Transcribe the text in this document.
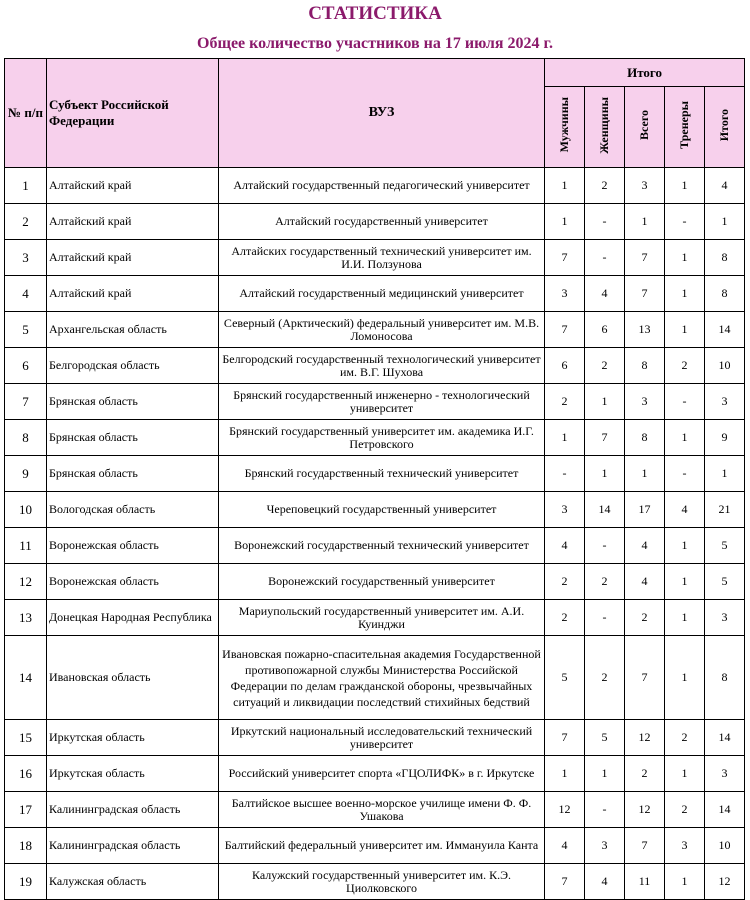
СТАТИСТИКА
Общее количество участников на 17 июля 2024 г.
№ п/п	Субъект Российской Федерации	ВУЗ	Итого				
			Мужчины	Женщины	Всего	Тренеры	Итого
1	Алтайский край	Алтайский государственный педагогический университет	1	2	3	1	4
2	Алтайский край	Алтайский государственный университет	1	-	1	-	1
3	Алтайский край	Алтайских государственный технический университет им. И.И. Ползунова	7	-	7	1	8
4	Алтайский край	Алтайский государственный медицинский университет	3	4	7	1	8
5	Архангельская область	Северный (Арктический) федеральный университет им. М.В. Ломоносова	7	6	13	1	14
6	Белгородская область	Белгородский государственный технологический университет им. В.Г. Шухова	6	2	8	2	10
7	Брянская область	Брянский государственный инженерно - технологический университет	2	1	3	-	3
8	Брянская область	Брянский государственный университет им. академика И.Г. Петровского	1	7	8	1	9
9	Брянская область	Брянский государственный технический университет	-	1	1	-	1
10	Вологодская область	Череповецкий государственный университет	3	14	17	4	21
11	Воронежская область	Воронежский государственный технический университет	4	-	4	1	5
12	Воронежская область	Воронежский государственный университет	2	2	4	1	5
13	Донецкая Народная Республика	Мариупольский государственный университет им. А.И. Куинджи	2	-	2	1	3
14	Ивановская область	Ивановская пожарно-спасительная академия Государственной противопожарной службы Министерства Российской Федерации по делам гражданской обороны, чрезвычайных ситуаций и ликвидации последствий стихийных бедствий	5	2	7	1	8
15	Иркутская область	Иркутский национальный исследовательский технический университет	7	5	12	2	14
16	Иркутская область	Российский университет спорта «ГЦОЛИФК» в г. Иркутске	1	1	2	1	3
17	Калининградская область	Балтийское высшее военно-морское училище имени Ф. Ф. Ушакова	12	-	12	2	14
18	Калининградская область	Балтийский федеральный университет им. Иммануила Канта	4	3	7	3	10
19	Калужская область	Калужский государственный университет им. К.Э. Циолковского	7	4	11	1	12
